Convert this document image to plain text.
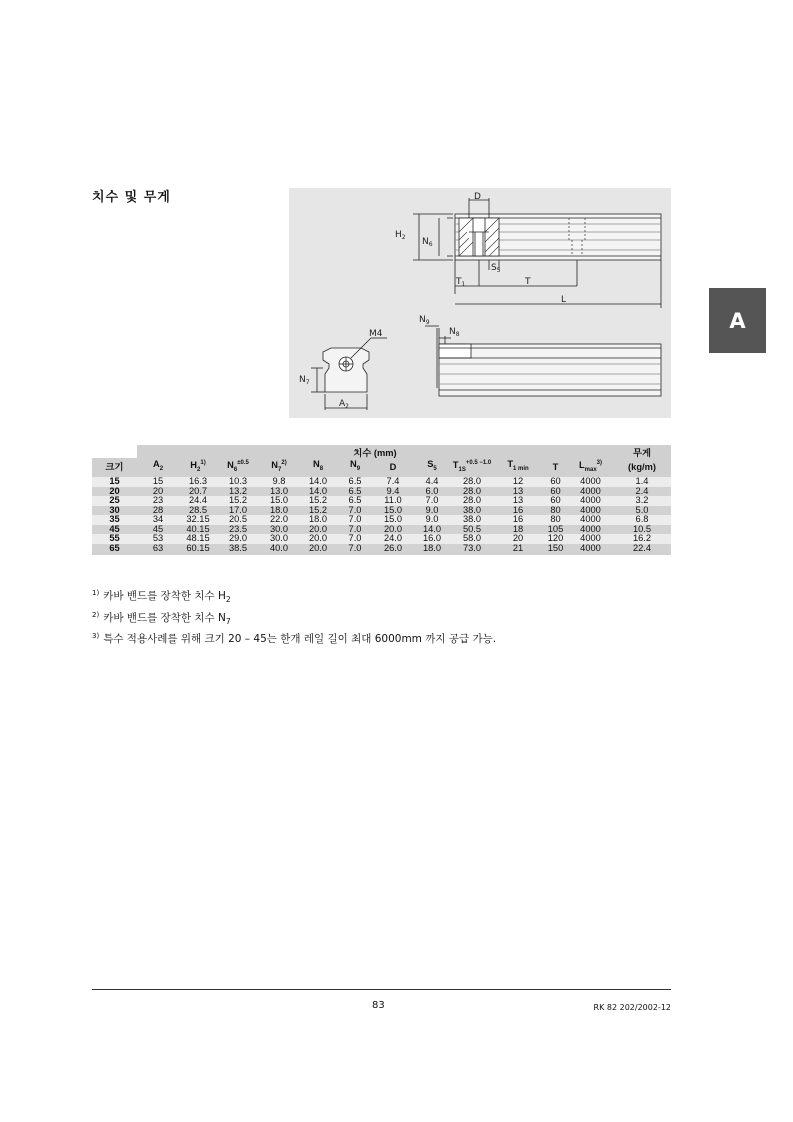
치수 및 무게	D
$H_2$ $N_6$
$S_5$
$T_1$	T
L
M4
$N_7$
$A_2$
$N_9$
$N_8$
A
	치수 (mm)												무게
크기	$A_2$	$H_2^{1)}$	$N_6^{\pm 0.5}$	$N_7^{2)}$	$N_8$	$N_9$	D	$S_5$	$T_{1S}^{+0.5 -1.0}$	$T_{1 min}$	T	$L_{max}^{3)}$	(kg/m)
15	15	16.3	10.3	9.8	14.0	6.5	7.4	4.4	28.0	12	60	4000	1.4
20	20	20.7	13.2	13.0	14.0	6.5	9.4	6.0	28.0	13	60	4000	2.4
25	23	24.4	15.2	15.0	15.2	6.5	11.0	7.0	28.0	13	60	4000	3.2
30	28	28.5	17.0	18.0	15.2	7.0	15.0	9.0	38.0	16	80	4000	5.0
35	34	32.15	20.5	22.0	18.0	7.0	15.0	9.0	38.0	16	80	4000	6.8
45	45	40.15	23.5	30.0	20.0	7.0	20.0	14.0	50.5	18	105	4000	10.5
55	53	48.15	29.0	30.0	20.0	7.0	24.0	16.0	58.0	20	120	4000	16.2
65	63	60.15	38.5	40.0	20.0	7.0	26.0	18.0	73.0	21	150	4000	22.4
$^{1)}$ 카바 밴드를 장착한 치수 $H_2$
$^{2)}$ 카바 밴드를 장착한 치수 $N_7$
$^{3)}$ 특수 적용사례를 위해 크기 20 – 45는 한개 레일 길이 최대 6000mm 까지 공급 가능.
83	RK 82 202/2002-12
